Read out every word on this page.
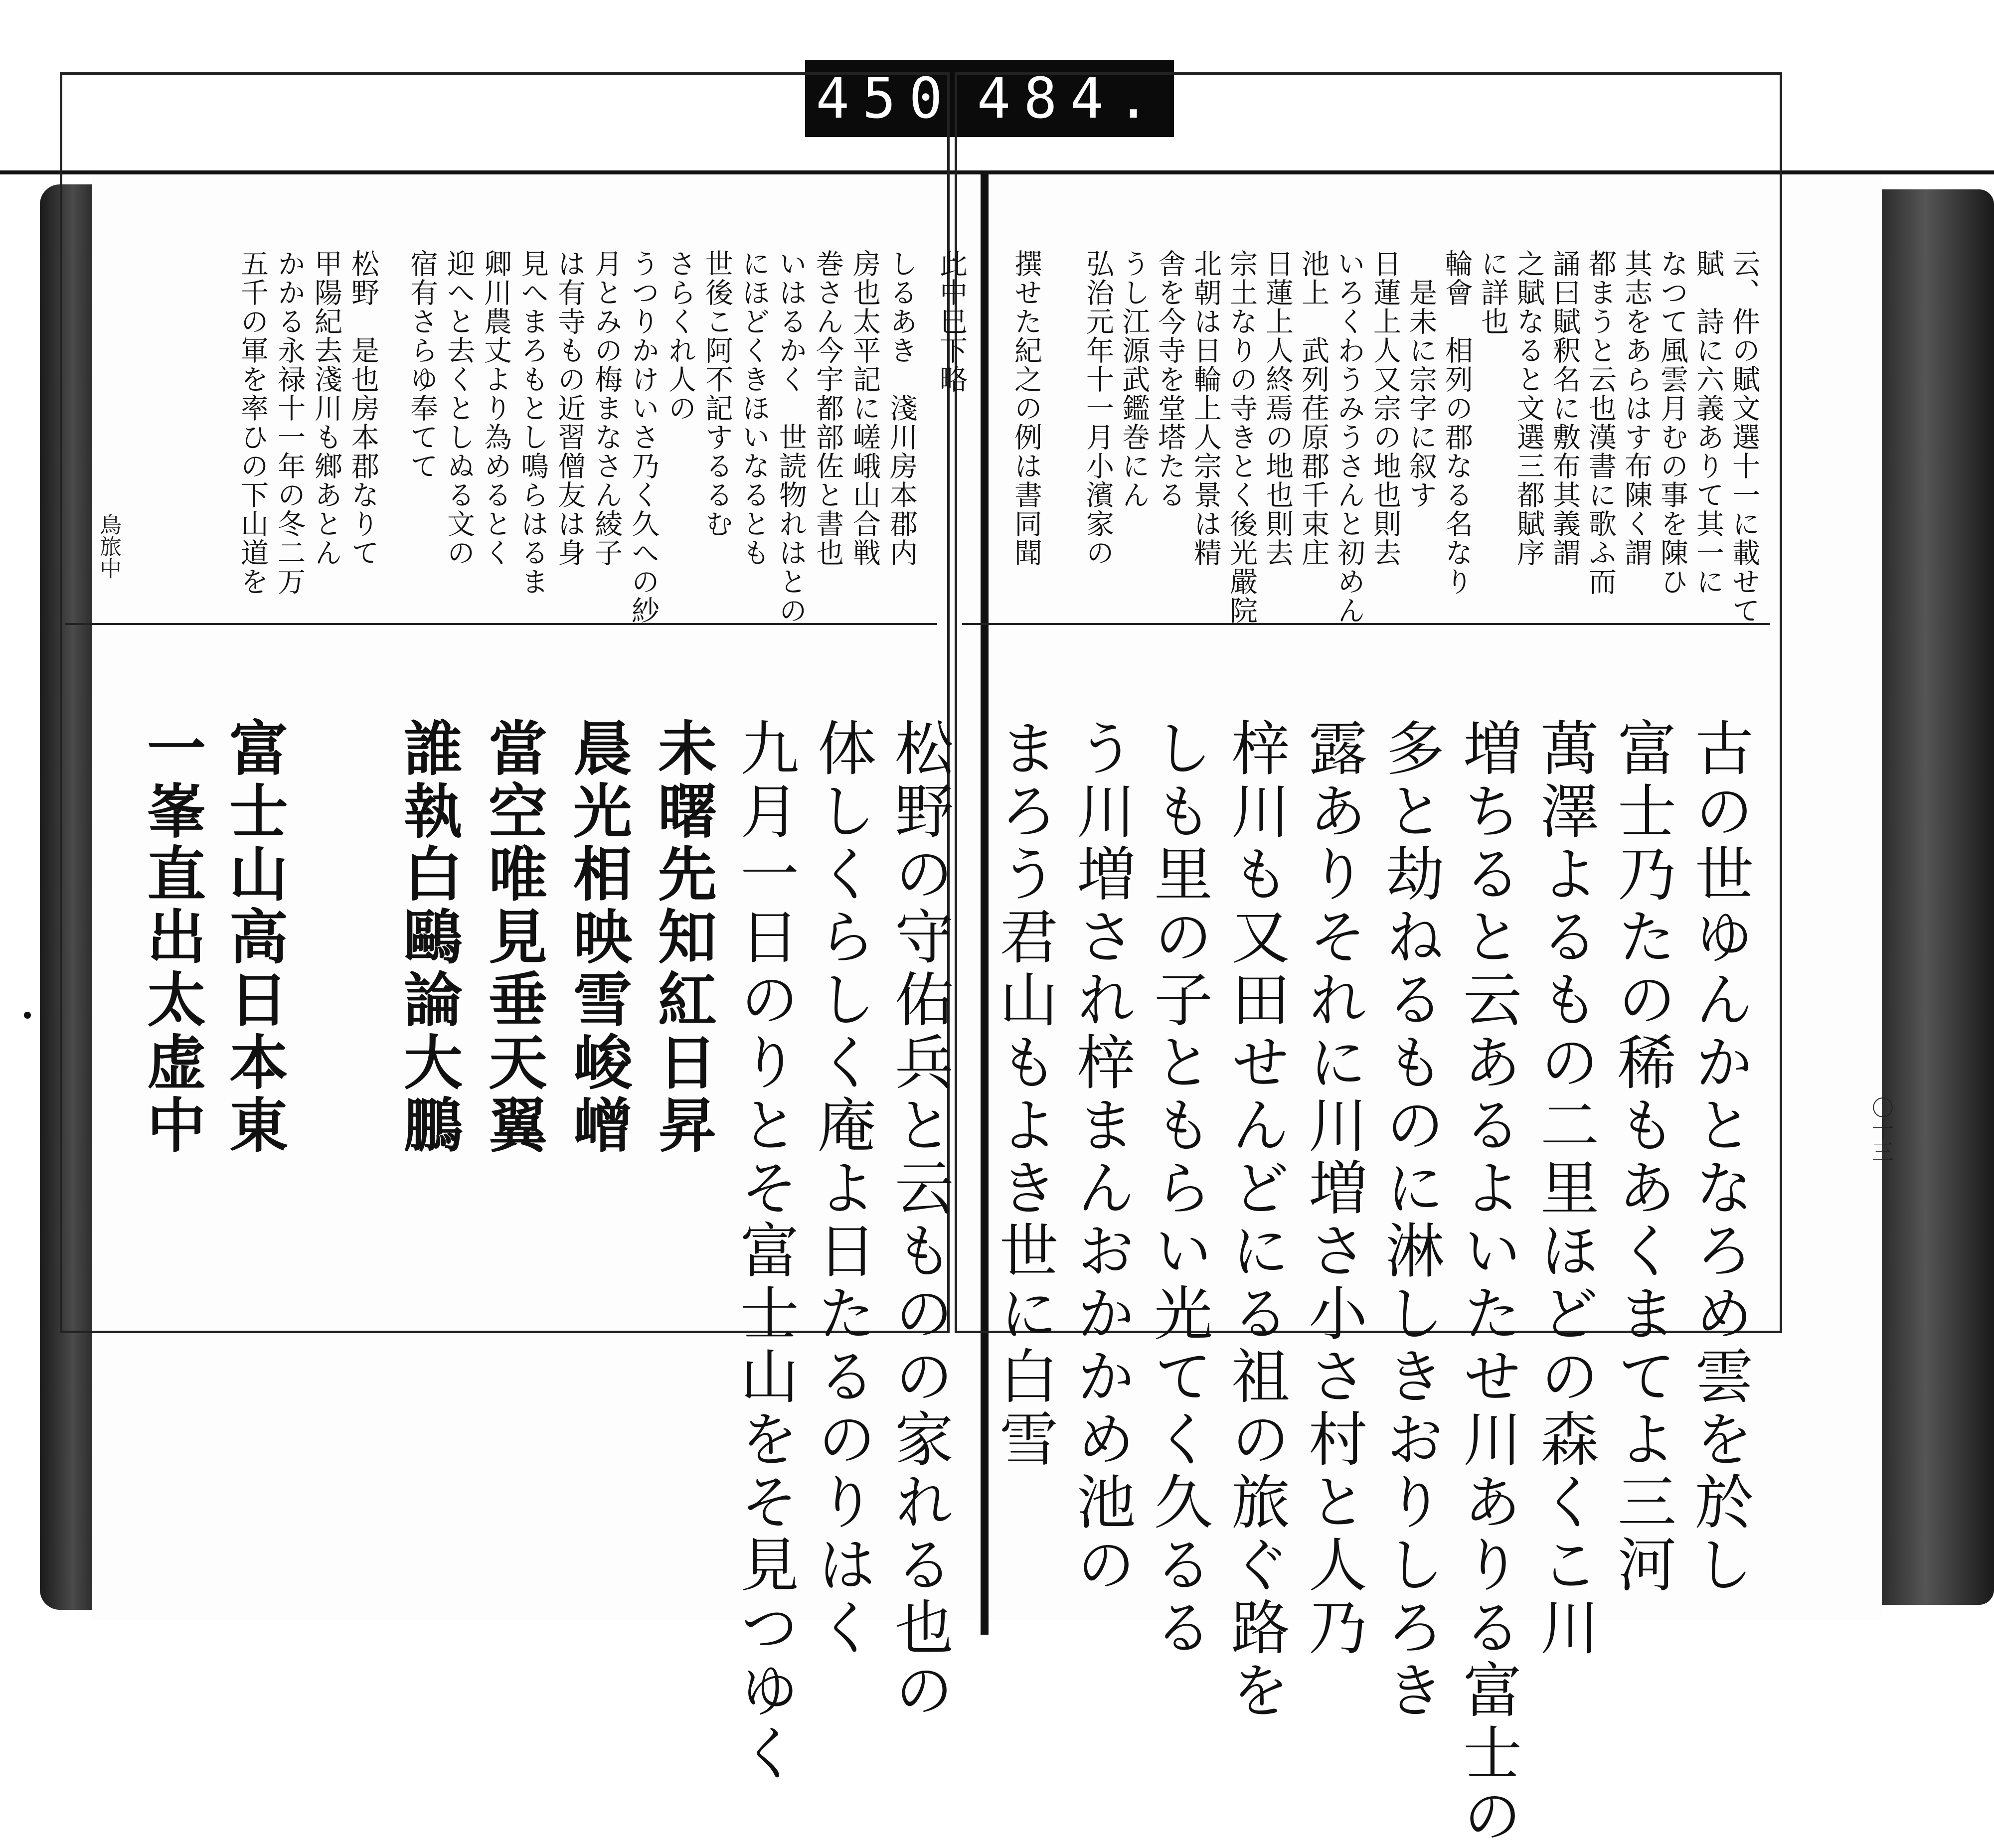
450 484.
鳥旅中
〇十三
云、件の賦文選十一に載せて
賦　詩に六義ありて其一に
なつて風雲月むの事を陳ひ
其志をあらはす布陳く謂
都まうと云也漢書に歌ふ而
誦曰賦釈名に敷布其義謂
之賦なると文選三都賦序
に詳也
輪會　相列の郡なる名なり
　是未に宗字に叙す
日蓮上人又宗の地也則去
いろくわうみうさんと初めん
池上　武列荏原郡千束庄
日蓮上人終焉の地也則去
宗土なりの寺きとく後光嚴院
北朝は日輪上人宗景は精
舎を今寺を堂塔たる
うし江源武鑑巻にん
弘治元年十一月小濱家の
撰せた紀之の例は書同聞
古の世ゆんかとなろめ雲を於し
富士乃たの稀もあくまてよ三河
萬澤よるもの二里ほどの森くこ川
増ちると云あるよいたせ川ありる富士の
多と劫ねるものに淋しきおりしろき
露ありそれに川増さ小さ村と人乃
梓川も又田せんどにる祖の旅ぐ路を
しも里の子ともらい光てく久るる
う川増され梓まんおかかめ池の
まろう君山もよき世に白雪
此中巳下略
しるあき　淺川房本郡内
房也太平記に嵯峨山合戦
巻さん今宇都部佐と書也
いはるかく　世読物れはとの
にほどくきほいなるとも
世後こ阿不記するるむ
さらくれ人の
うつりかけいさ乃く久への紗
月とみの梅まなさん綾子
は有寺もの近習僧友は身
見へまろもとし鳴らはるま
卿川農丈より為めるとく
迎へと去くとしぬる文の
宿有さらゆ奉てて
松野　是也房本郡なりて
甲陽紀去淺川も鄉あとん
かかる永禄十一年の冬二万
五千の軍を率ひの下山道を
松野の守佑兵と云ものの家れる也の
体しくらしく庵よ日たるのりはく
九月一日のりとそ富士山をそ見つゆく
未曙先知紅日昇
晨光相映雪峻嶒
當空唯見垂天翼
誰執白鷗論大鵬
富士山高日本東
一峯直出太虚中
